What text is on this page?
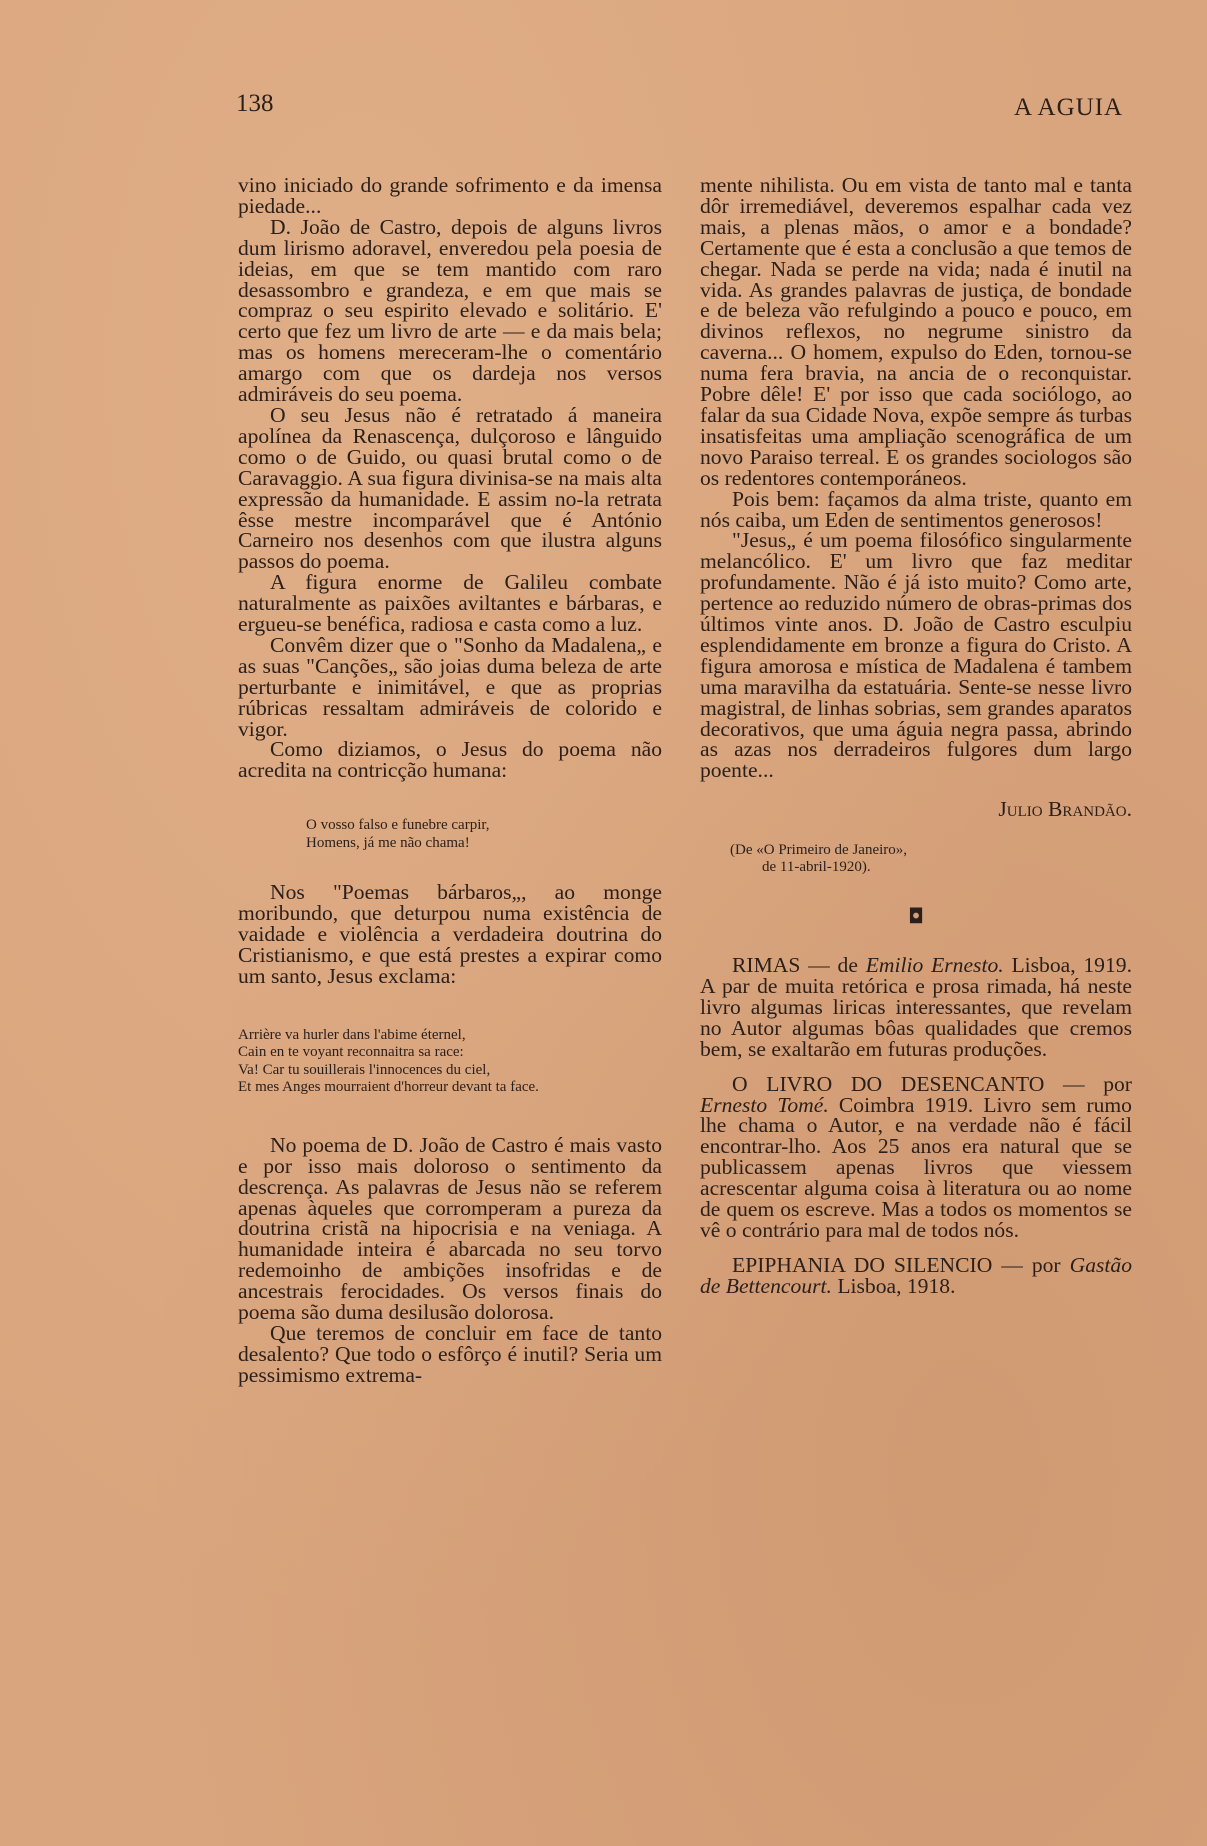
138	A AGUIA

vino iniciado do grande sofrimento e da imensa piedade...

D. João de Castro, depois de alguns livros dum lirismo adoravel, enveredou pela poesia de ideias, em que se tem mantido com raro desassombro e grandeza, e em que mais se compraz o seu espirito elevado e solitário. E' certo que fez um livro de arte — e da mais bela; mas os homens mereceram-lhe o comentário amargo com que os dardeja nos versos admiráveis do seu poema.

O seu Jesus não é retratado á maneira apolínea da Renascença, dulçoroso e lânguido como o de Guido, ou quasi brutal como o de Caravaggio. A sua figura divinisa-se na mais alta expressão da humanidade. E assim no-la retrata êsse mestre incomparável que é António Carneiro nos desenhos com que ilustra alguns passos do poema.

A figura enorme de Galileu combate naturalmente as paixões aviltantes e bárbaras, e ergueu-se benéfica, radiosa e casta como a luz.

Convêm dizer que o "Sonho da Madalena„ e as suas "Canções„ são joias duma beleza de arte perturbante e inimitável, e que as proprias rúbricas ressaltam admiráveis de colorido e vigor.

Como diziamos, o Jesus do poema não acredita na contricção humana:

O vosso falso e funebre carpir,
Homens, já me não chama!

Nos "Poemas bárbaros„, ao monge moribundo, que deturpou numa existência de vaidade e violência a verdadeira doutrina do Cristianismo, e que está prestes a expirar como um santo, Jesus exclama:

Arrière va hurler dans l'abime éternel,
Cain en te voyant reconnaitra sa race:
Va! Car tu souillerais l'innocences du ciel,
Et mes Anges mourraient d'horreur devant ta face.

No poema de D. João de Castro é mais vasto e por isso mais doloroso o sentimento da descrença. As palavras de Jesus não se referem apenas àqueles que corromperam a pureza da doutrina cristã na hipocrisia e na veniaga. A humanidade inteira é abarcada no seu torvo redemoinho de ambições insofridas e de ancestrais ferocidades. Os versos finais do poema são duma desilusão dolorosa.

Que teremos de concluir em face de tanto desalento? Que todo o esfôrço é inutil? Seria um pessimismo extrema-

mente nihilista. Ou em vista de tanto mal e tanta dôr irremediável, deveremos espalhar cada vez mais, a plenas mãos, o amor e a bondade? Certamente que é esta a conclusão a que temos de chegar. Nada se perde na vida; nada é inutil na vida. As grandes palavras de justiça, de bondade e de beleza vão refulgindo a pouco e pouco, em divinos reflexos, no negrume sinistro da caverna... O homem, expulso do Eden, tornou-se numa fera bravia, na ancia de o reconquistar. Pobre dêle! E' por isso que cada sociólogo, ao falar da sua Cidade Nova, expõe sempre ás turbas insatisfeitas uma ampliação scenográfica de um novo Paraiso terreal. E os grandes sociologos são os redentores contemporáneos.

Pois bem: façamos da alma triste, quanto em nós caiba, um Eden de sentimentos generosos!

"Jesus„ é um poema filosófico singularmente melancólico. E' um livro que faz meditar profundamente. Não é já isto muito? Como arte, pertence ao reduzido número de obras-primas dos últimos vinte anos. D. João de Castro esculpiu esplendidamente em bronze a figura do Cristo. A figura amorosa e mística de Madalena é tambem uma maravilha da estatuária. Sente-se nesse livro magistral, de linhas sobrias, sem grandes aparatos decorativos, que uma águia negra passa, abrindo as azas nos derradeiros fulgores dum largo poente...

Julio Brandão.
(De «O Primeiro de Janeiro»,
de 11-abril-1920).
◘

RIMAS — de Emilio Ernesto. Lisboa, 1919. A par de muita retórica e prosa rimada, há neste livro algumas liricas interessantes, que revelam no Autor algumas bôas qualidades que cremos bem, se exaltarão em futuras produções.

O LIVRO DO DESENCANTO — por Ernesto Tomé. Coimbra 1919. Livro sem rumo lhe chama o Autor, e na verdade não é fácil encontrar-lho. Aos 25 anos era natural que se publicassem apenas livros que viessem acrescentar alguma coisa à literatura ou ao nome de quem os escreve. Mas a todos os momentos se vê o contrário para mal de todos nós.

EPIPHANIA DO SILENCIO — por Gastão de Bettencourt. Lisboa, 1918.
